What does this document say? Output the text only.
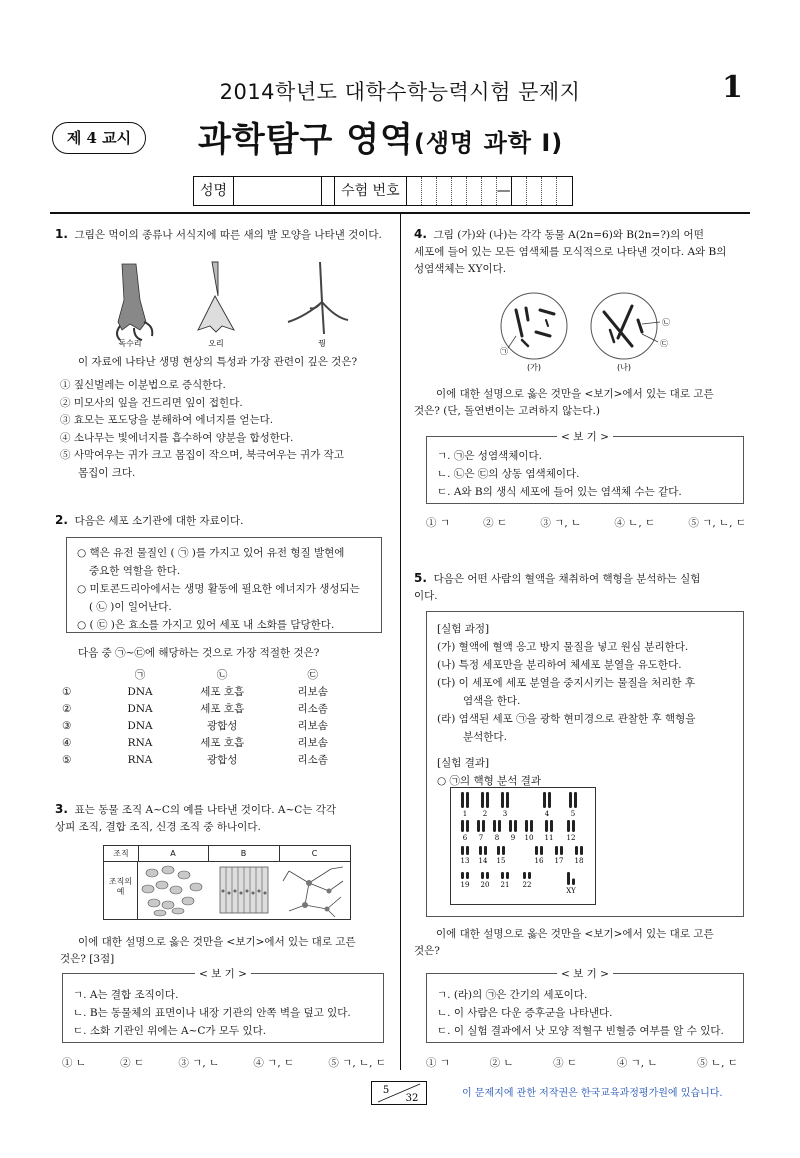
2014학년도 대학수학능력시험 문제지	1
제 4 교시	과학탐구 영역(생명 과학 I)
성명	수험 번호	—

1. 그림은 먹이의 종류나 서식지에 따른 새의 발 모양을 나타낸 것이다.

독수리	오리	꿩

이 자료에 나타난 생명 현상의 특성과 가장 관련이 깊은 것은?

① 짚신벌레는 이분법으로 증식한다.
② 미모사의 잎을 건드리면 잎이 접힌다.
③ 효모는 포도당을 분해하여 에너지를 얻는다.
④ 소나무는 빛에너지를 흡수하여 양분을 합성한다.
⑤ 사막여우는 귀가 크고 몸집이 작으며, 북극여우는 귀가 작고
몸집이 크다.

2. 다음은 세포 소기관에 대한 자료이다.

○ 핵은 유전 물질인 ( ㉠ )를 가지고 있어 유전 형질 발현에

중요한 역할을 한다.

○ 미토콘드리아에서는 생명 활동에 필요한 에너지가 생성되는

( ㉡ )이 일어난다.

○ ( ㉢ )은 효소를 가지고 있어 세포 내 소화를 담당한다.

다음 중 ㉠~㉢에 해당하는 것으로 가장 적절한 것은?

	㉠	㉡	㉢
①	DNA	세포 호흡	리보솜
②	DNA	세포 호흡	리소좀
③	DNA	광합성	리보솜
④	RNA	세포 호흡	리보솜
⑤	RNA	광합성	리소좀

3. 표는 동물 조직 A~C의 예를 나타낸 것이다. A~C는 각각

상피 조직, 결합 조직, 신경 조직 중 하나이다.

조직	A	B	C
조직의
예

이에 대한 설명으로 옳은 것만을 <보기>에서 있는 대로 고른

것은? [3점]

< 보 기 >

ㄱ. A는 결합 조직이다.

ㄴ. B는 동물체의 표면이나 내장 기관의 안쪽 벽을 덮고 있다.

ㄷ. 소화 기관인 위에는 A~C가 모두 있다.

① ㄴ	② ㄷ	③ ㄱ, ㄴ	④ ㄱ, ㄷ	⑤ ㄱ, ㄴ, ㄷ

4. 그림 (가)와 (나)는 각각 동물 A(2n=6)와 B(2n=?)의 어떤

세포에 들어 있는 모든 염색체를 모식적으로 나타낸 것이다. A와 B의

성염색체는 XY이다.

㉠
㉡
㉢
(가)	(나)

이에 대한 설명으로 옳은 것만을 <보기>에서 있는 대로 고른

것은? (단, 돌연변이는 고려하지 않는다.)

< 보 기 >

ㄱ. ㉠은 성염색체이다.

ㄴ. ㉡은 ㉢의 상동 염색체이다.

ㄷ. A와 B의 생식 세포에 들어 있는 염색체 수는 같다.

① ㄱ	② ㄷ	③ ㄱ, ㄴ	④ ㄴ, ㄷ	⑤ ㄱ, ㄴ, ㄷ

5. 다음은 어떤 사람의 혈액을 채취하여 핵형을 분석하는 실험

이다.

[실험 과정]

(가) 혈액에 혈액 응고 방지 물질을 넣고 원심 분리한다.

(나) 특정 세포만을 분리하여 체세포 분열을 유도한다.

(다) 이 세포에 세포 분열을 중지시키는 물질을 처리한 후

염색을 한다.

(라) 염색된 세포 ㉠을 광학 현미경으로 관찰한 후 핵형을

분석한다.

[실험 결과]

○ ㉠의 핵형 분석 결과

1 2 3	4	5
6 7 8 9 10 11 12
13 14 15	16 17 18
19 20 21 22
XY

이에 대한 설명으로 옳은 것만을 <보기>에서 있는 대로 고른

것은?

< 보 기 >

ㄱ. (라)의 ㉠은 간기의 세포이다.

ㄴ. 이 사람은 다운 증후군을 나타낸다.

ㄷ. 이 실험 결과에서 낫 모양 적혈구 빈혈증 여부를 알 수 있다.

① ㄱ	② ㄴ	③ ㄷ	④ ㄱ, ㄴ	⑤ ㄴ, ㄷ
5
32	이 문제지에 관한 저작권은 한국교육과정평가원에 있습니다.
